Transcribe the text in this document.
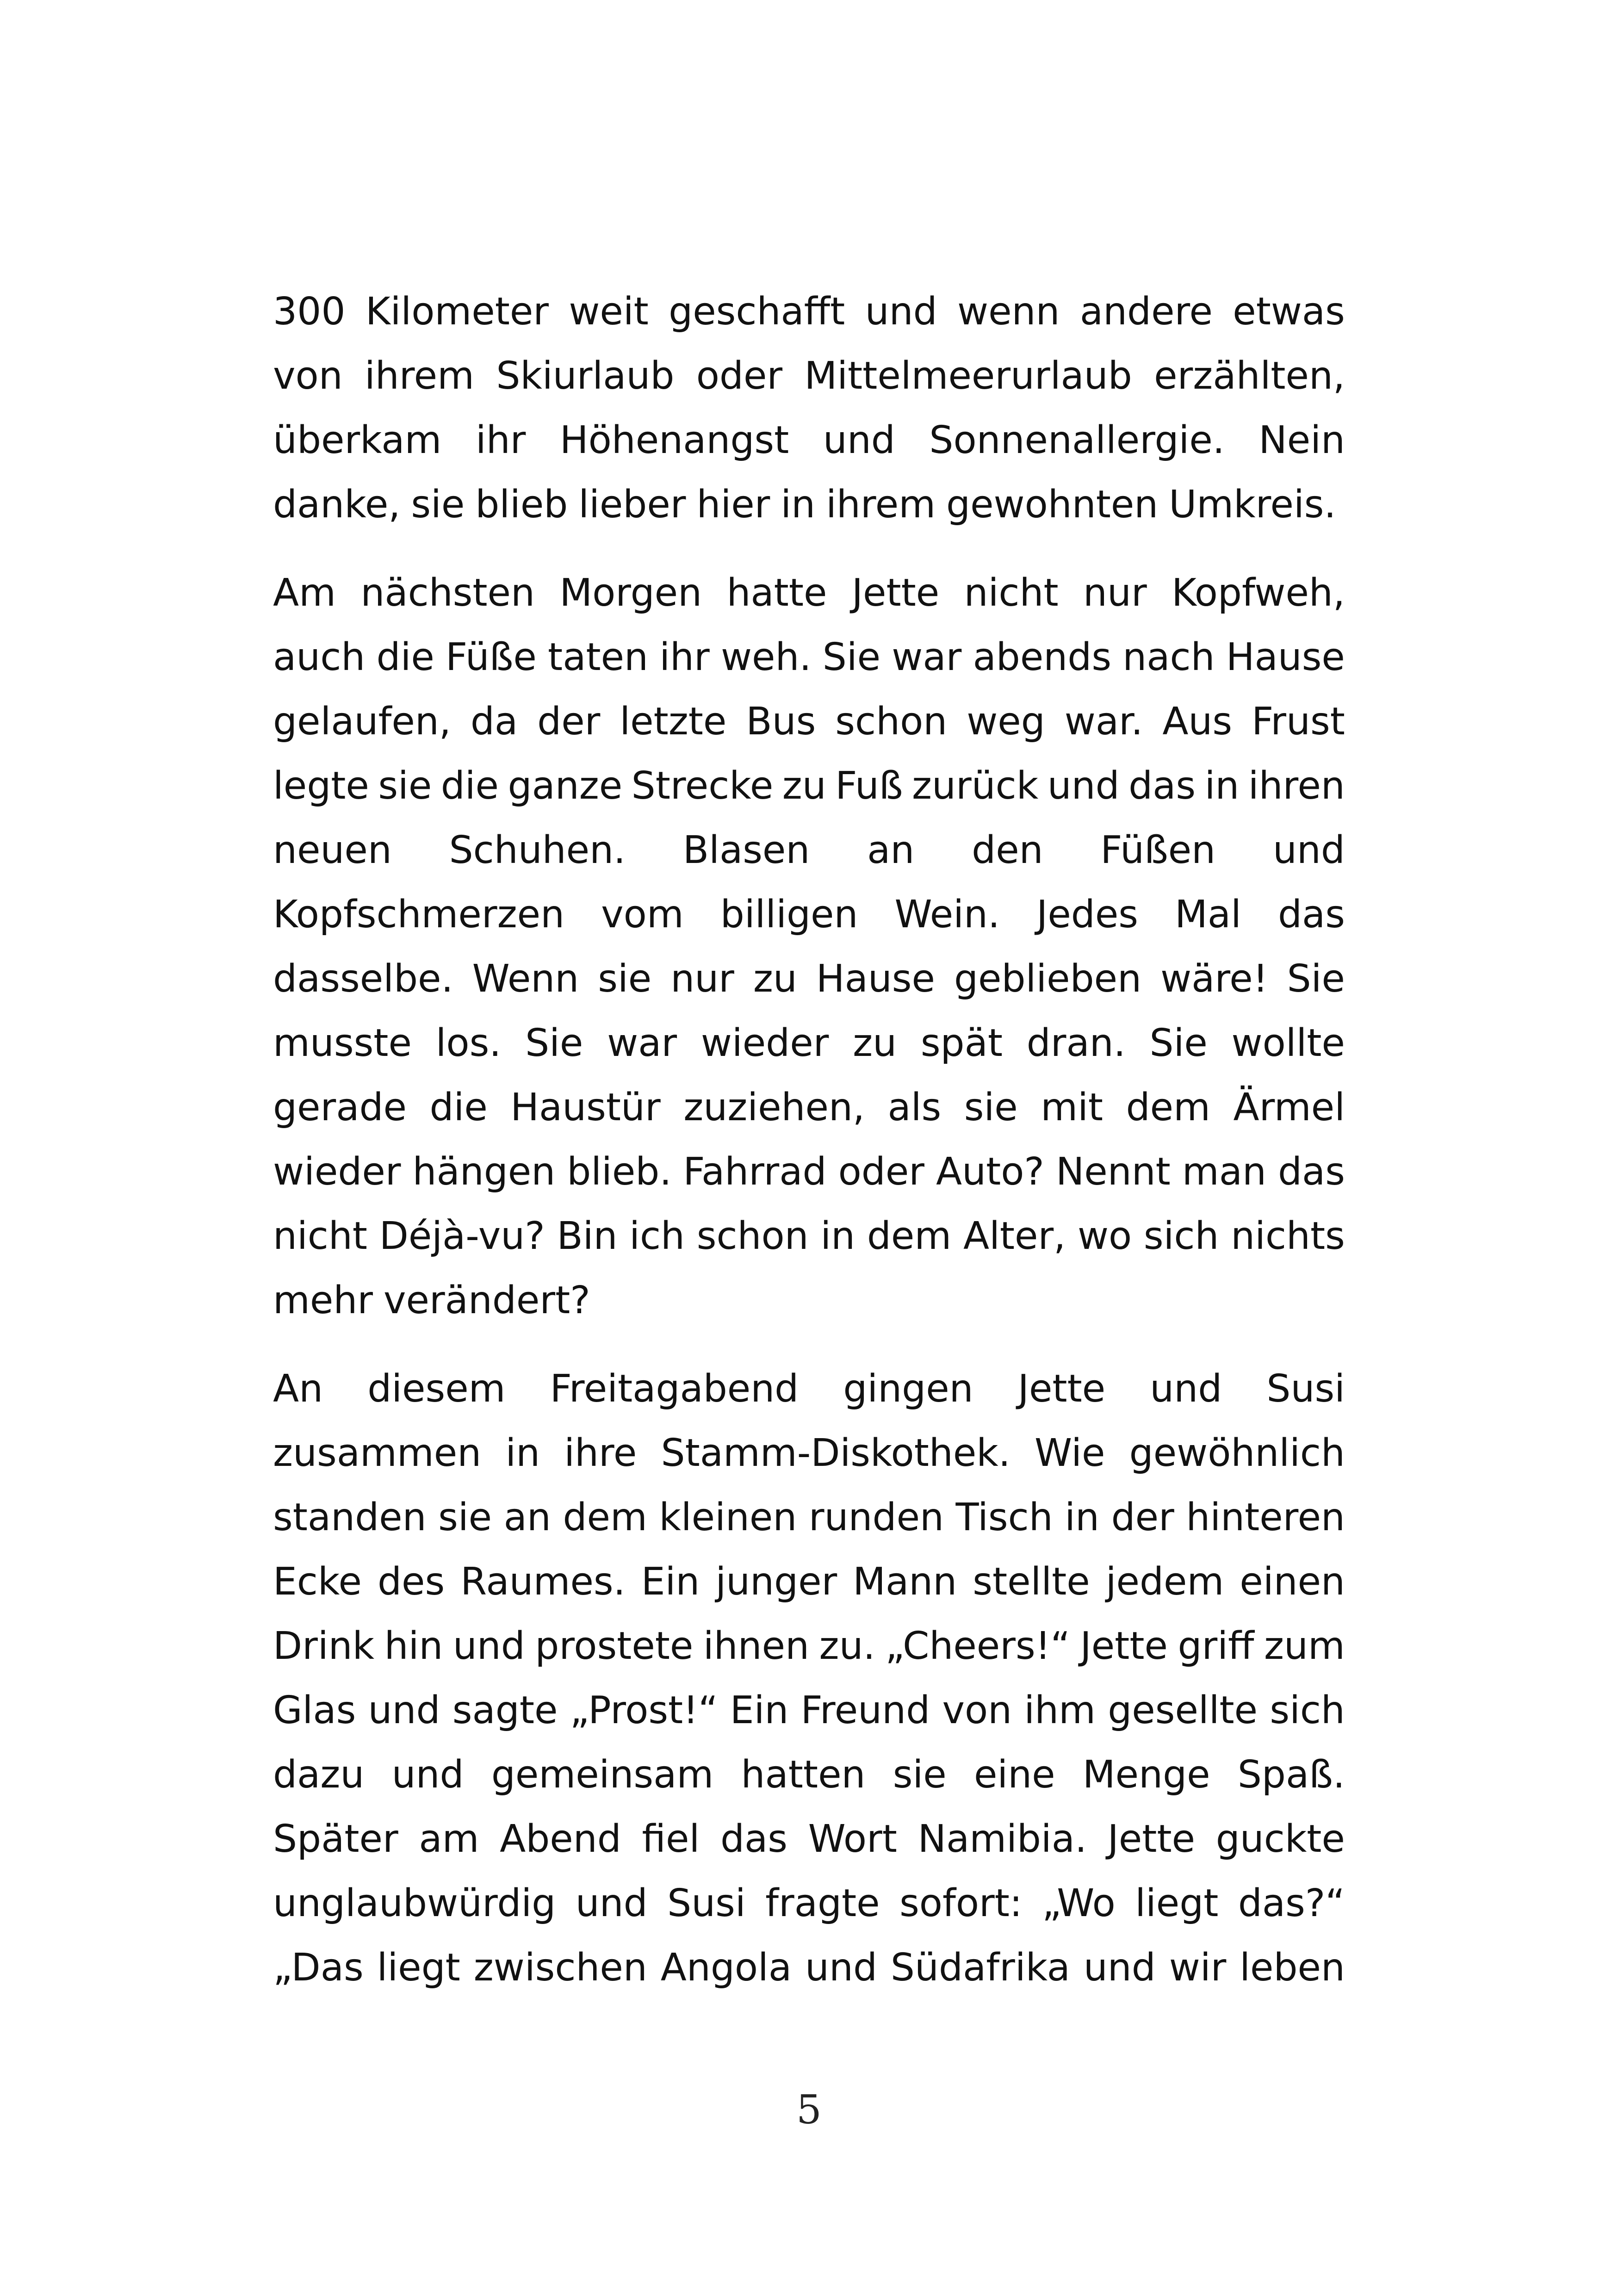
300 Kilometer weit geschafft und wenn andere etwas
von ihrem Skiurlaub oder Mittelmeerurlaub erzählten,
überkam ihr Höhenangst und Sonnenallergie. Nein
danke, sie blieb lieber hier in ihrem gewohnten Umkreis.
Am nächsten Morgen hatte Jette nicht nur Kopfweh,
auch die Füße taten ihr weh. Sie war abends nach Hause
gelaufen, da der letzte Bus schon weg war. Aus Frust
legte sie die ganze Strecke zu Fuß zurück und das in ihren
neuen Schuhen. Blasen an den Füßen und
Kopfschmerzen vom billigen Wein. Jedes Mal das
dasselbe. Wenn sie nur zu Hause geblieben wäre! Sie
musste los. Sie war wieder zu spät dran. Sie wollte
gerade die Haustür zuziehen, als sie mit dem Ärmel
wieder hängen blieb. Fahrrad oder Auto? Nennt man das
nicht Déjà-vu? Bin ich schon in dem Alter, wo sich nichts
mehr verändert?
An diesem Freitagabend gingen Jette und Susi
zusammen in ihre Stamm-Diskothek. Wie gewöhnlich
standen sie an dem kleinen runden Tisch in der hinteren
Ecke des Raumes. Ein junger Mann stellte jedem einen
Drink hin und prostete ihnen zu. „Cheers!“ Jette griff zum
Glas und sagte „Prost!“ Ein Freund von ihm gesellte sich
dazu und gemeinsam hatten sie eine Menge Spaß.
Später am Abend fiel das Wort Namibia. Jette guckte
unglaubwürdig und Susi fragte sofort: „Wo liegt das?“
„Das liegt zwischen Angola und Südafrika und wir leben
5
